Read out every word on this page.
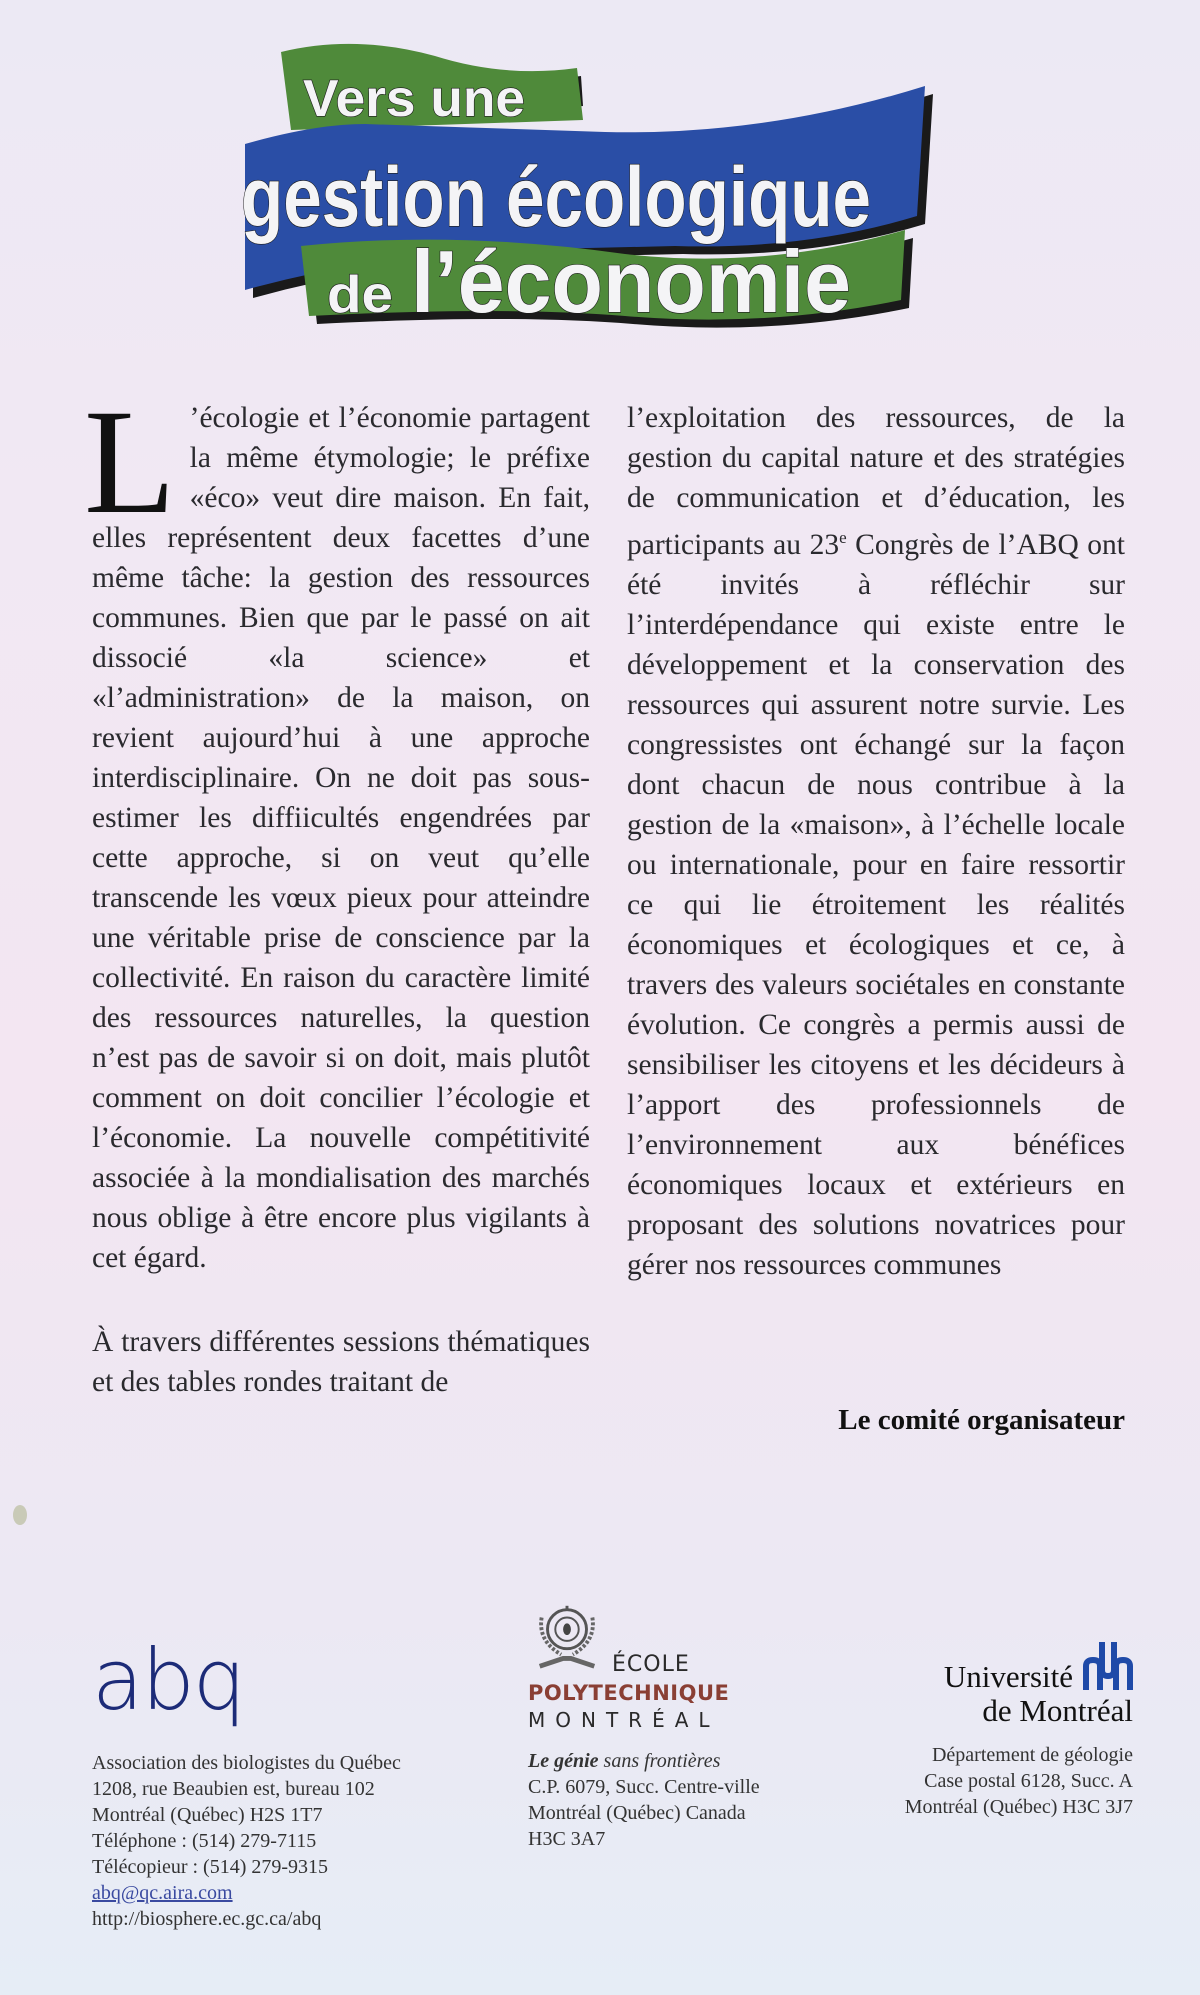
Vers une
gestion écologique
de l’économie

L ’écologie et l’économie partagent la même étymologie; le préfixe «éco» veut dire maison. En fait, elles représentent deux facettes d’une même tâche: la gestion des ressources communes. Bien que par le passé on ait dissocié «la science» et «l’administration» de la maison, on revient aujourd’hui à une approche interdisciplinaire. On ne doit pas sous-estimer les diffiicultés engendrées par cette approche, si on veut qu’elle transcende les vœux pieux pour atteindre une véritable prise de conscience par la collectivité. En raison du caractère limité des ressources naturelles, la question n’est pas de savoir si on doit, mais plutôt comment on doit concilier l’écologie et l’économie. La nouvelle compétitivité associée à la mondialisation des marchés nous oblige à être encore plus vigilants à cet égard.

À travers différentes sessions thématiques et des tables rondes traitant de

l’exploitation des ressources, de la gestion du capital nature et des stratégies de communication et d’éducation, les participants au 23e Congrès de l’ABQ ont été invités à réfléchir sur l’interdépendance qui existe entre le développement et la conservation des ressources qui assurent notre survie. Les congressistes ont échangé sur la façon dont chacun de nous contribue à la gestion de la «maison», à l’échelle locale ou internationale, pour en faire ressortir ce qui lie étroitement les réalités économiques et écologiques et ce, à travers des valeurs sociétales en constante évolution. Ce congrès a permis aussi de sensibiliser les citoyens et les décideurs à l’apport des professionnels de l’environnement aux bénéfices économiques locaux et extérieurs en proposant des solutions novatrices pour gérer nos ressources communes

Le comité organisateur
abq
Association des biologistes du Québec
1208, rue Beaubien est, bureau 102
Montréal (Québec) H2S 1T7
Téléphone : (514) 279-7115
Télécopieur : (514) 279-9315
abq@qc.aira.com
http://biosphere.ec.gc.ca/abq
ÉCOLE
POLYTECHNIQUE
MONTRÉAL
Le génie sans frontières
C.P. 6079, Succ. Centre-ville
Montréal (Québec) Canada
H3C 3A7
Université
de Montréal
Département de géologie
Case postal 6128, Succ. A
Montréal (Québec) H3C 3J7
